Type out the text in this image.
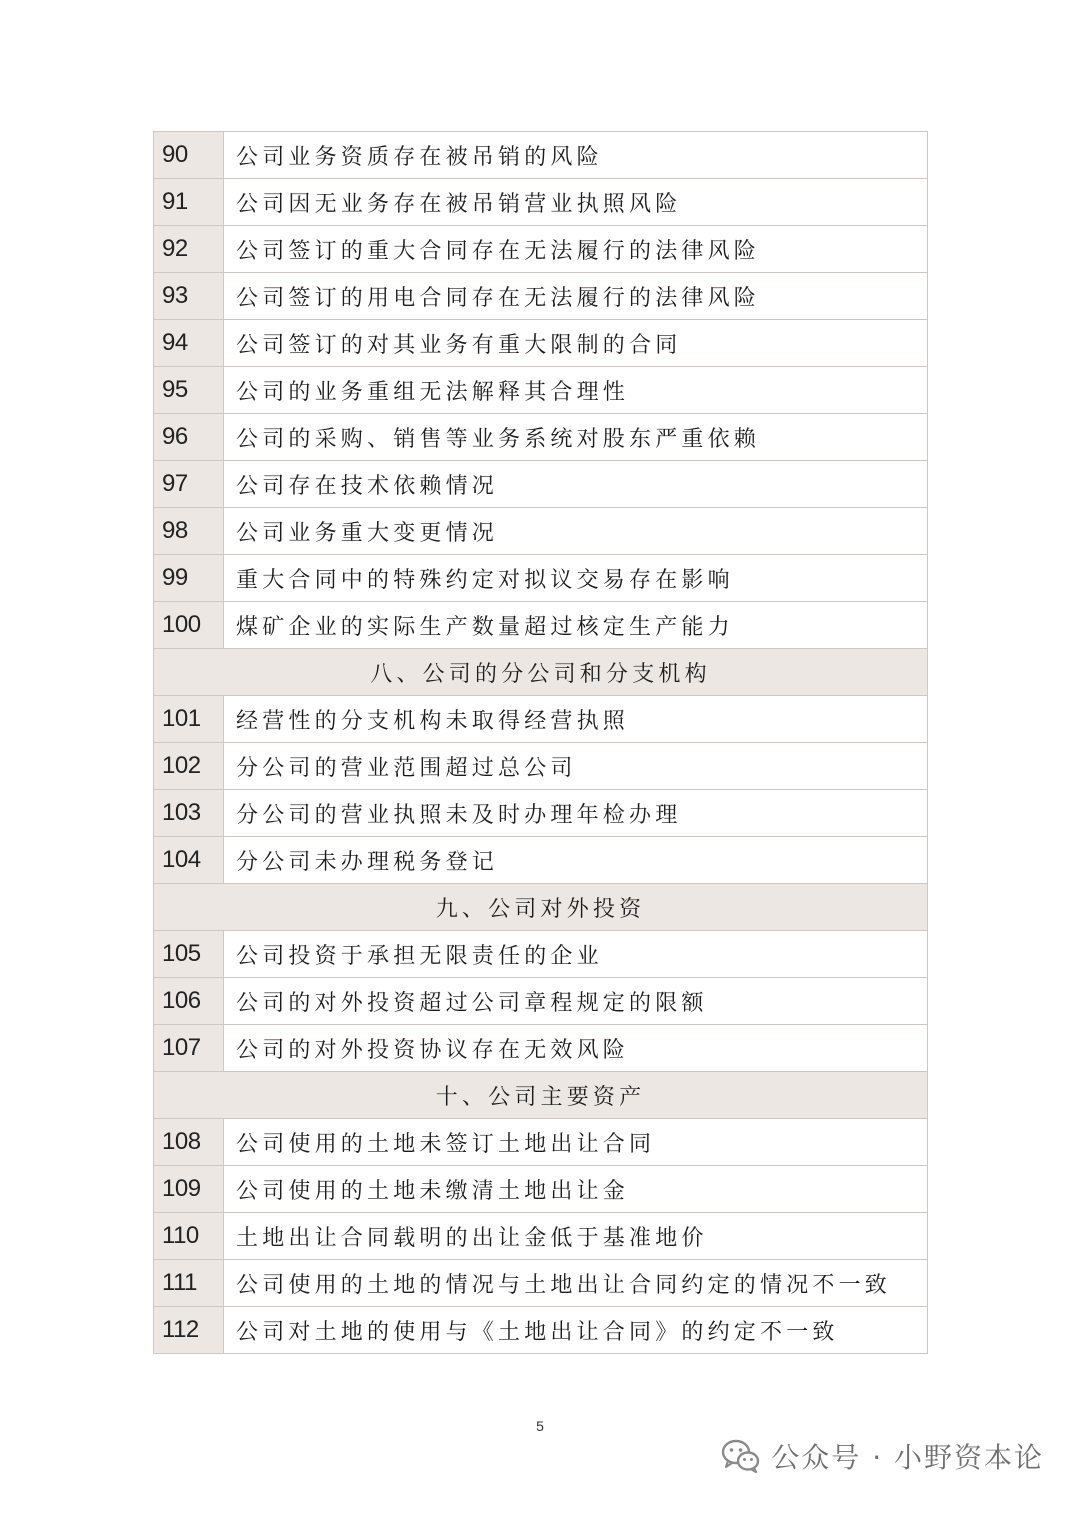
90	公司业务资质存在被吊销的风险
91	公司因无业务存在被吊销营业执照风险
92	公司签订的重大合同存在无法履行的法律风险
93	公司签订的用电合同存在无法履行的法律风险
94	公司签订的对其业务有重大限制的合同
95	公司的业务重组无法解释其合理性
96	公司的采购、销售等业务系统对股东严重依赖
97	公司存在技术依赖情况
98	公司业务重大变更情况
99	重大合同中的特殊约定对拟议交易存在影响
100	煤矿企业的实际生产数量超过核定生产能力
八、公司的分公司和分支机构	
101	经营性的分支机构未取得经营执照
102	分公司的营业范围超过总公司
103	分公司的营业执照未及时办理年检办理
104	分公司未办理税务登记
九、公司对外投资	
105	公司投资于承担无限责任的企业
106	公司的对外投资超过公司章程规定的限额
107	公司的对外投资协议存在无效风险
十、公司主要资产	
108	公司使用的土地未签订土地出让合同
109	公司使用的土地未缴清土地出让金
110	土地出让合同载明的出让金低于基准地价
111	公司使用的土地的情况与土地出让合同约定的情况不一致
112	公司对土地的使用与《土地出让合同》的约定不一致
5
公众号 · 小野资本论
